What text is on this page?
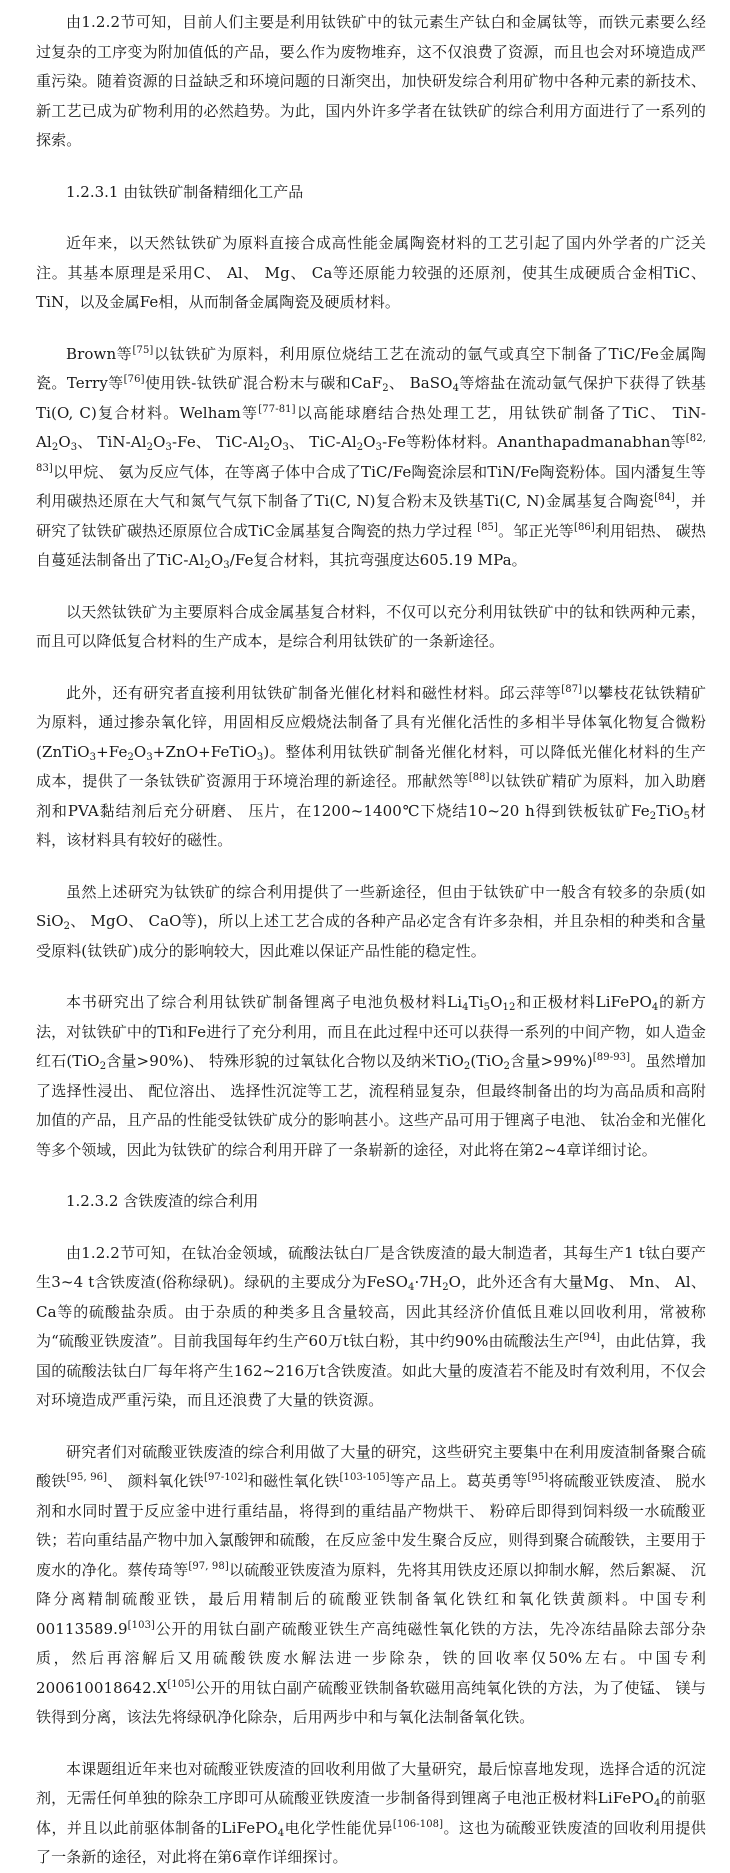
由1.2.2节可知，目前人们主要是利用钛铁矿中的钛元素生产钛白和金属钛等，而铁元素要么经过复杂的工序变为附加值低的产品，要么作为废物堆弃，这不仅浪费了资源，而且也会对环境造成严重污染。随着资源的日益缺乏和环境问题的日渐突出，加快研发综合利用矿物中各种元素的新技术、新工艺已成为矿物利用的必然趋势。为此，国内外许多学者在钛铁矿的综合利用方面进行了一系列的探索。

1.2.3.1 由钛铁矿制备精细化工产品

近年来，以天然钛铁矿为原料直接合成高性能金属陶瓷材料的工艺引起了国内外学者的广泛关注。其基本原理是采用C、 Al、 Mg、 Ca等还原能力较强的还原剂，使其生成硬质合金相TiC、 TiN，以及金属Fe相，从而制备金属陶瓷及硬质材料。

Brown等[75]以钛铁矿为原料，利用原位烧结工艺在流动的氩气或真空下制备了TiC/Fe金属陶瓷。Terry等[76]使用铁-钛铁矿混合粉末与碳和CaF$_2$、 BaSO$_4$等熔盐在流动氩气保护下获得了铁基Ti(O, C)复合材料。Welham等[77-81]以高能球磨结合热处理工艺，用钛铁矿制备了TiC、 TiN-$Al_2O_3$、 TiN-$Al_2O_3-Fe$、 TiC-$Al_2O_3$、 TiC-$Al_2O_3-Fe$等粉体材料。Ananthapadmanabhan等[82, 83]以甲烷、 氨为反应气体，在等离子体中合成了TiC/Fe陶瓷涂层和TiN/Fe陶瓷粉体。国内潘复生等利用碳热还原在大气和氮气气氛下制备了Ti(C, N)复合粉末及铁基Ti(C, N)金属基复合陶瓷[84]，并研究了钛铁矿碳热还原原位合成TiC金属基复合陶瓷的热力学过程 [85]。邹正光等[86]利用铝热、 碳热自蔓延法制备出了TiC-$Al_2O_3/Fe$复合材料，其抗弯强度达605.19 MPa。

以天然钛铁矿为主要原料合成金属基复合材料，不仅可以充分利用钛铁矿中的钛和铁两种元素，而且可以降低复合材料的生产成本，是综合利用钛铁矿的一条新途径。

此外，还有研究者直接利用钛铁矿制备光催化材料和磁性材料。邱云萍等[87]以攀枝花钛铁精矿为原料，通过掺杂氧化锌，用固相反应煅烧法制备了具有光催化活性的多相半导体氧化物复合微粉$(ZnTiO_3+Fe_2O_3+ZnO+FeTiO_3)$。整体利用钛铁矿制备光催化材料，可以降低光催化材料的生产成本，提供了一条钛铁矿资源用于环境治理的新途径。邢献然等[88]以钛铁矿精矿为原料，加入助磨剂和PVA黏结剂后充分研磨、 压片，在1200~1400℃下烧结10~20 h得到铁板钛矿$Fe_2TiO_5$材料，该材料具有较好的磁性。

虽然上述研究为钛铁矿的综合利用提供了一些新途径，但由于钛铁矿中一般含有较多的杂质(如SiO$_2$、 MgO、 CaO等)，所以上述工艺合成的各种产品必定含有许多杂相，并且杂相的种类和含量受原料(钛铁矿)成分的影响较大，因此难以保证产品性能的稳定性。

本书研究出了综合利用钛铁矿制备锂离子电池负极材料$Li_4Ti_5O_{12}$和正极材料LiFePO$_4$的新方法，对钛铁矿中的Ti和Fe进行了充分利用，而且在此过程中还可以获得一系列的中间产物，如人造金红石(TiO$_2$含量>90%)、 特殊形貌的过氧钛化合物以及纳米TiO$_2$(TiO$_2$含量>99%)[89-93]。虽然增加了选择性浸出、 配位溶出、 选择性沉淀等工艺，流程稍显复杂，但最终制备出的均为高品质和高附加值的产品，且产品的性能受钛铁矿成分的影响甚小。这些产品可用于锂离子电池、 钛冶金和光催化等多个领域，因此为钛铁矿的综合利用开辟了一条崭新的途径，对此将在第2~4章详细讨论。

1.2.3.2 含铁废渣的综合利用

由1.2.2节可知，在钛冶金领域，硫酸法钛白厂是含铁废渣的最大制造者，其每生产1 t钛白要产生3~4 t含铁废渣(俗称绿矾)。绿矾的主要成分为$FeSO_4\cdot 7H_2O$，此外还含有大量Mg、 Mn、 Al、 Ca等的硫酸盐杂质。由于杂质的种类多且含量较高，因此其经济价值低且难以回收利用，常被称为“硫酸亚铁废渣”。目前我国每年约生产60万t钛白粉，其中约90%由硫酸法生产[94]，由此估算，我国的硫酸法钛白厂每年将产生162~216万t含铁废渣。如此大量的废渣若不能及时有效利用，不仅会对环境造成严重污染，而且还浪费了大量的铁资源。

研究者们对硫酸亚铁废渣的综合利用做了大量的研究，这些研究主要集中在利用废渣制备聚合硫酸铁[95, 96]、 颜料氧化铁[97-102]和磁性氧化铁[103-105]等产品上。葛英勇等[95]将硫酸亚铁废渣、 脱水剂和水同时置于反应釜中进行重结晶，将得到的重结晶产物烘干、 粉碎后即得到饲料级一水硫酸亚铁；若向重结晶产物中加入氯酸钾和硫酸，在反应釜中发生聚合反应，则得到聚合硫酸铁，主要用于废水的净化。蔡传琦等[97, 98]以硫酸亚铁废渣为原料，先将其用铁皮还原以抑制水解，然后絮凝、 沉降分离精制硫酸亚铁，最后用精制后的硫酸亚铁制备氧化铁红和氧化铁黄颜料。中国专利00113589.9[103]公开的用钛白副产硫酸亚铁生产高纯磁性氧化铁的方法，先冷冻结晶除去部分杂质，然后再溶解后又用硫酸铁废水解法进一步除杂，铁的回收率仅50%左右。中国专利200610018642.X[105]公开的用钛白副产硫酸亚铁制备软磁用高纯氧化铁的方法，为了使锰、 镁与铁得到分离，该法先将绿矾净化除杂，后用两步中和与氧化法制备氧化铁。

本课题组近年来也对硫酸亚铁废渣的回收利用做了大量研究，最后惊喜地发现，选择合适的沉淀剂，无需任何单独的除杂工序即可从硫酸亚铁废渣一步制备得到锂离子电池正极材料LiFePO$_4$的前驱体，并且以此前驱体制备的LiFePO$_4$电化学性能优异[106-108]。这也为硫酸亚铁废渣的回收利用提供了一条新的途径，对此将在第6章作详细探讨。
